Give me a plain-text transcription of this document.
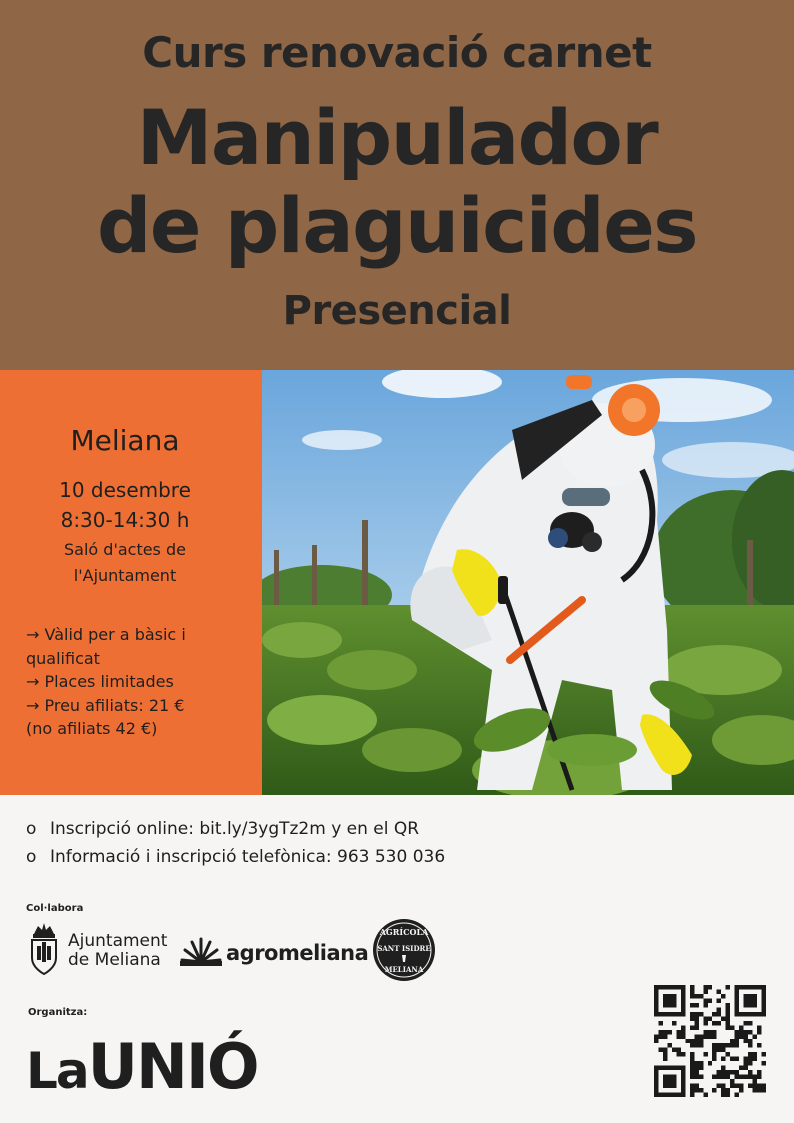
Curs renovació carnet
Manipulador
de plaguicides
Presencial
Meliana
10 desembre
8:30-14:30 h
Saló d'actes de
l'Ajuntament
→ Vàlid per a bàsic i
qualificat
→ Places limitades
→ Preu afiliats: 21 €
(no afiliats 42 €)
o Inscripció online: bit.ly/3ygTz2m y en el QR
o Informació i inscripció telefònica: 963 530 036
Col·labora
Ajuntament
de Meliana	agromeliana
AGRÍCOLA
SANT ISIDRE
MELIANA
Organitza:
LaUNIÓ
